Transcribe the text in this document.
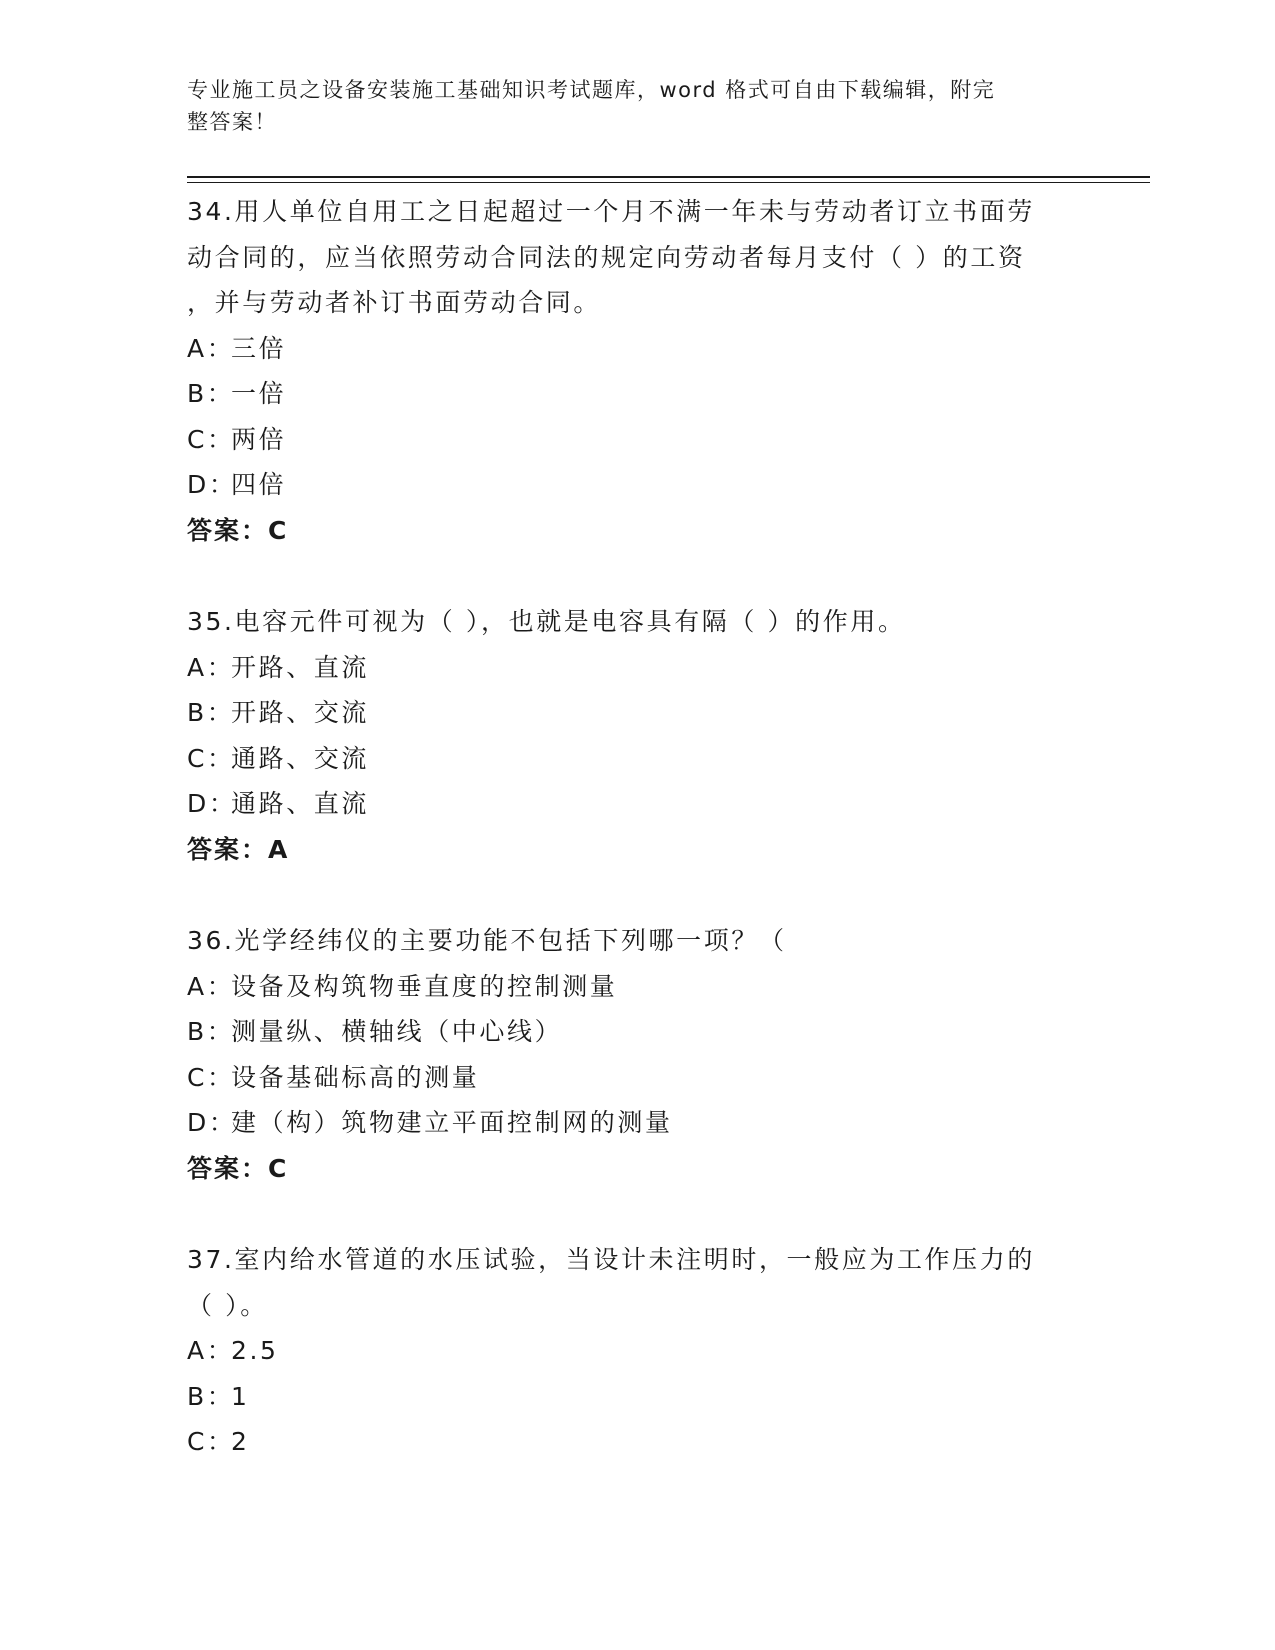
专业施工员之设备安装施工基础知识考试题库，word 格式可自由下载编辑，附完
整答案！
34.用人单位自用工之日起超过一个月不满一年未与劳动者订立书面劳
动合同的，应当依照劳动合同法的规定向劳动者每月支付（ ）的工资
，并与劳动者补订书面劳动合同。
A：三倍
B：一倍
C：两倍
D：四倍
答案：C
35.电容元件可视为（ ），也就是电容具有隔（ ）的作用。
A：开路、直流
B：开路、交流
C：通路、交流
D：通路、直流
答案：A
36.光学经纬仪的主要功能不包括下列哪一项？（
A：设备及构筑物垂直度的控制测量
B：测量纵、横轴线（中心线）
C：设备基础标高的测量
D：建（构）筑物建立平面控制网的测量
答案：C
37.室内给水管道的水压试验，当设计未注明时，一般应为工作压力的
（ ）。
A：2.5
B：1
C：2
